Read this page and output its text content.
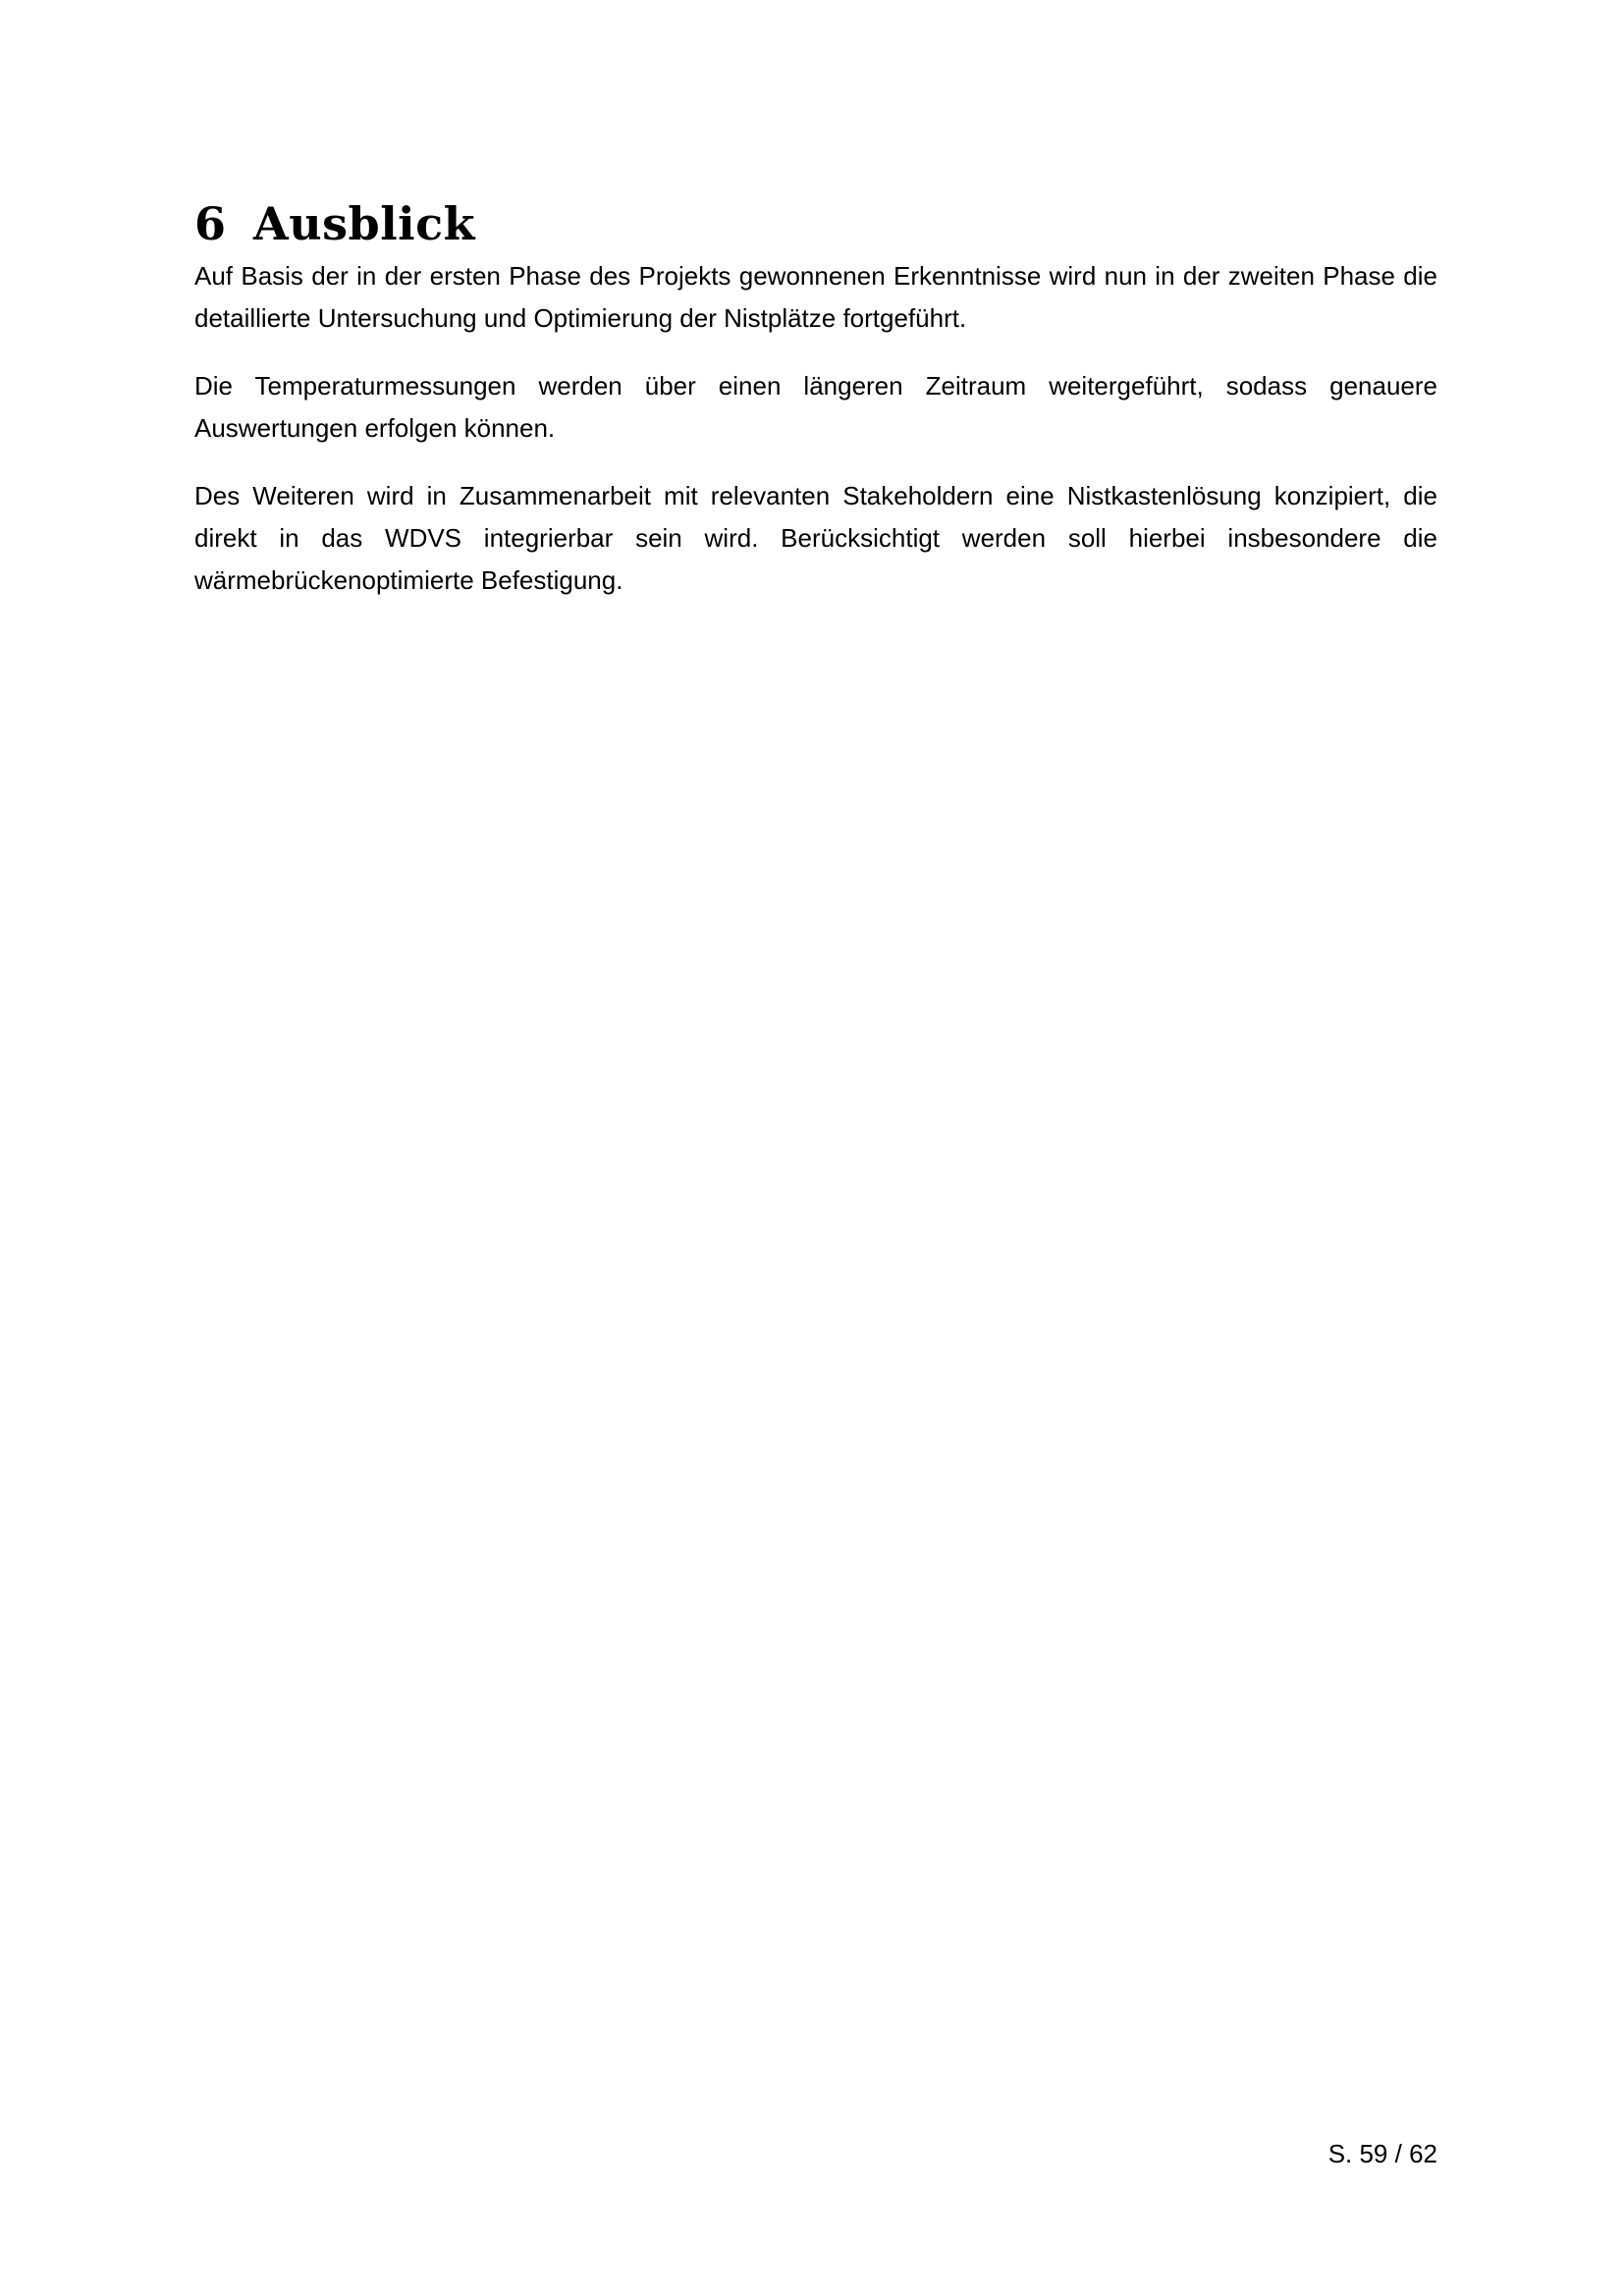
6 Ausblick

Auf Basis der in der ersten Phase des Projekts gewonnenen Erkenntnisse wird nun in der zweiten Phase die detaillierte Untersuchung und Optimierung der Nistplätze fortgeführt.

Die Temperaturmessungen werden über einen längeren Zeitraum weitergeführt, sodass genauere Auswertungen erfolgen können.

Des Weiteren wird in Zusammenarbeit mit relevanten Stakeholdern eine Nistkastenlösung konzipiert, die direkt in das WDVS integrierbar sein wird. Berücksichtigt werden soll hierbei insbesondere die wärmebrückenoptimierte Befestigung.

S. 59 / 62
